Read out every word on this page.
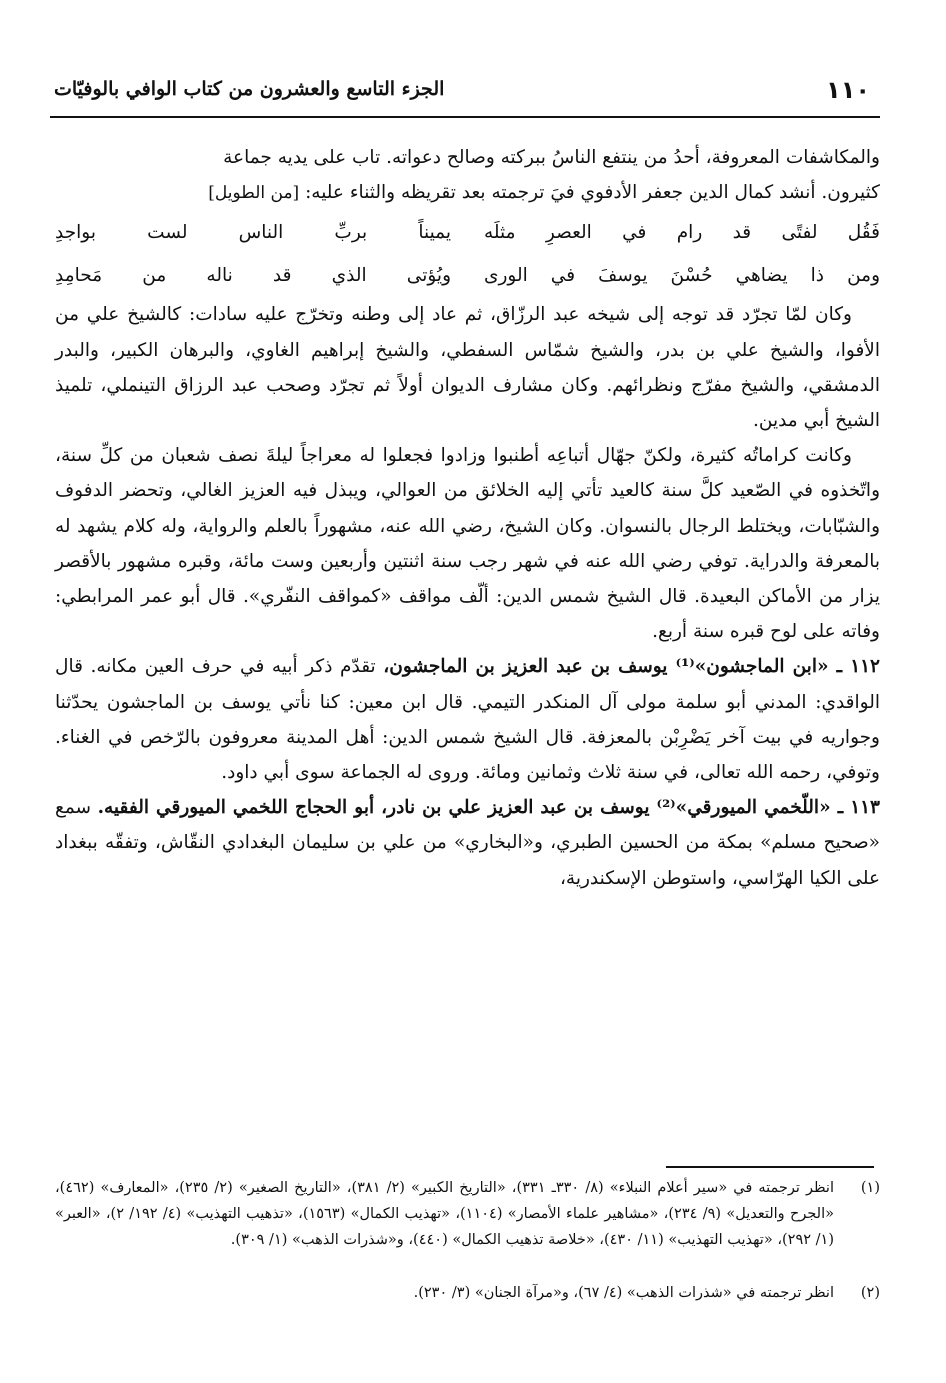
١١٠
الجزء التاسع والعشرون من كتاب الوافي بالوفيّات

والمكاشفات المعروفة، أحدُ من ينتفع الناسُ ببركته وصالح دعواته. تاب على يديه جماعة

كثيرون. أنشد كمال الدين جعفر الأدفوي فيَ ترجمته بعد تقريظه والثناء عليه: [من الطويل]

فَقُل لفتًى قد رام في العصرِ مثلَه
يميناً بربِّ الناس لست بواجدِ
ومن ذا يضاهي حُسْنَ يوسفَ في الورى
ويُؤتى الذي قد ناله من مَحامِدِ

وكان لمّا تجرّد قد توجه إلى شيخه عبد الرزّاق، ثم عاد إلى وطنه وتخرّج عليه سادات: كالشيخ علي من الأفوا، والشيخ علي بن بدر، والشيخ شمّاس السفطي، والشيخ إبراهيم الغاوي، والبرهان الكبير، والبدر الدمشقي، والشيخ مفرّج ونظرائهم. وكان مشارف الديوان أولاً ثم تجرّد وصحب عبد الرزاق التينملي، تلميذ الشيخ أبي مدين.

وكانت كراماتُه كثيرة، ولكنّ جهّال أتباعِه أطنبوا وزادوا فجعلوا له معراجاً ليلةَ نصف شعبان من كلِّ سنة، واتّخذوه في الصّعيد كلَّ سنة كالعيد تأتي إليه الخلائق من العوالي، ويبذل فيه العزيز الغالي، وتحضر الدفوف والشبّابات، ويختلط الرجال بالنسوان. وكان الشيخ، رضي الله عنه، مشهوراً بالعلم والرواية، وله كلام يشهد له بالمعرفة والدراية. توفي رضي الله عنه في شهر رجب سنة اثنتين وأربعين وست مائة، وقبره مشهور بالأقصر يزار من الأماكن البعيدة. قال الشيخ شمس الدين: ألّف مواقف «كمواقف النفّري». قال أبو عمر المرابطي: وفاته على لوح قبره سنة أربع.

١١٢ ـ «ابن الماجشون»⁽¹⁾ يوسف بن عبد العزيز بن الماجشون، تقدّم ذكر أبيه في حرف العين مكانه. قال الواقدي: المدني أبو سلمة مولى آل المنكدر التيمي. قال ابن معين: كنا نأتي يوسف بن الماجشون يحدّثنا وجواريه في بيت آخر يَضْرِبْن بالمعزفة. قال الشيخ شمس الدين: أهل المدينة معروفون بالرّخص في الغناء. وتوفي، رحمه الله تعالى، في سنة ثلاث وثمانين ومائة. وروى له الجماعة سوى أبي داود.

١١٣ ـ «اللّخمي الميورقي»⁽²⁾ يوسف بن عبد العزيز علي بن نادر، أبو الحجاج اللخمي الميورقي الفقيه. سمع «صحيح مسلم» بمكة من الحسين الطبري، و«البخاري» من علي بن سليمان البغدادي النقّاش، وتفقّه ببغداد على الكيا الهرّاسي، واستوطن الإسكندرية،

(١)
انظر ترجمته في «سير أعلام النبلاء» (٨/ ٣٣٠ـ ٣٣١)، «التاريخ الكبير» (٢/ ٣٨١)، «التاريخ الصغير» (٢/ ٢٣٥)، «المعارف» (٤٦٢)، «الجرح والتعديل» (٩/ ٢٣٤)، «مشاهير علماء الأمصار» (١١٠٤)، «تهذيب الكمال» (١٥٦٣)، «تذهيب التهذيب» (٤/ ١٩٢/ ٢)، «العبر» (١/ ٢٩٢)، «تهذيب التهذيب» (١١/ ٤٣٠)، «خلاصة تذهيب الكمال» (٤٤٠)، و«شذرات الذهب» (١/ ٣٠٩).
(٢)
انظر ترجمته في «شذرات الذهب» (٤/ ٦٧)، و«مرآة الجنان» (٣/ ٢٣٠).
